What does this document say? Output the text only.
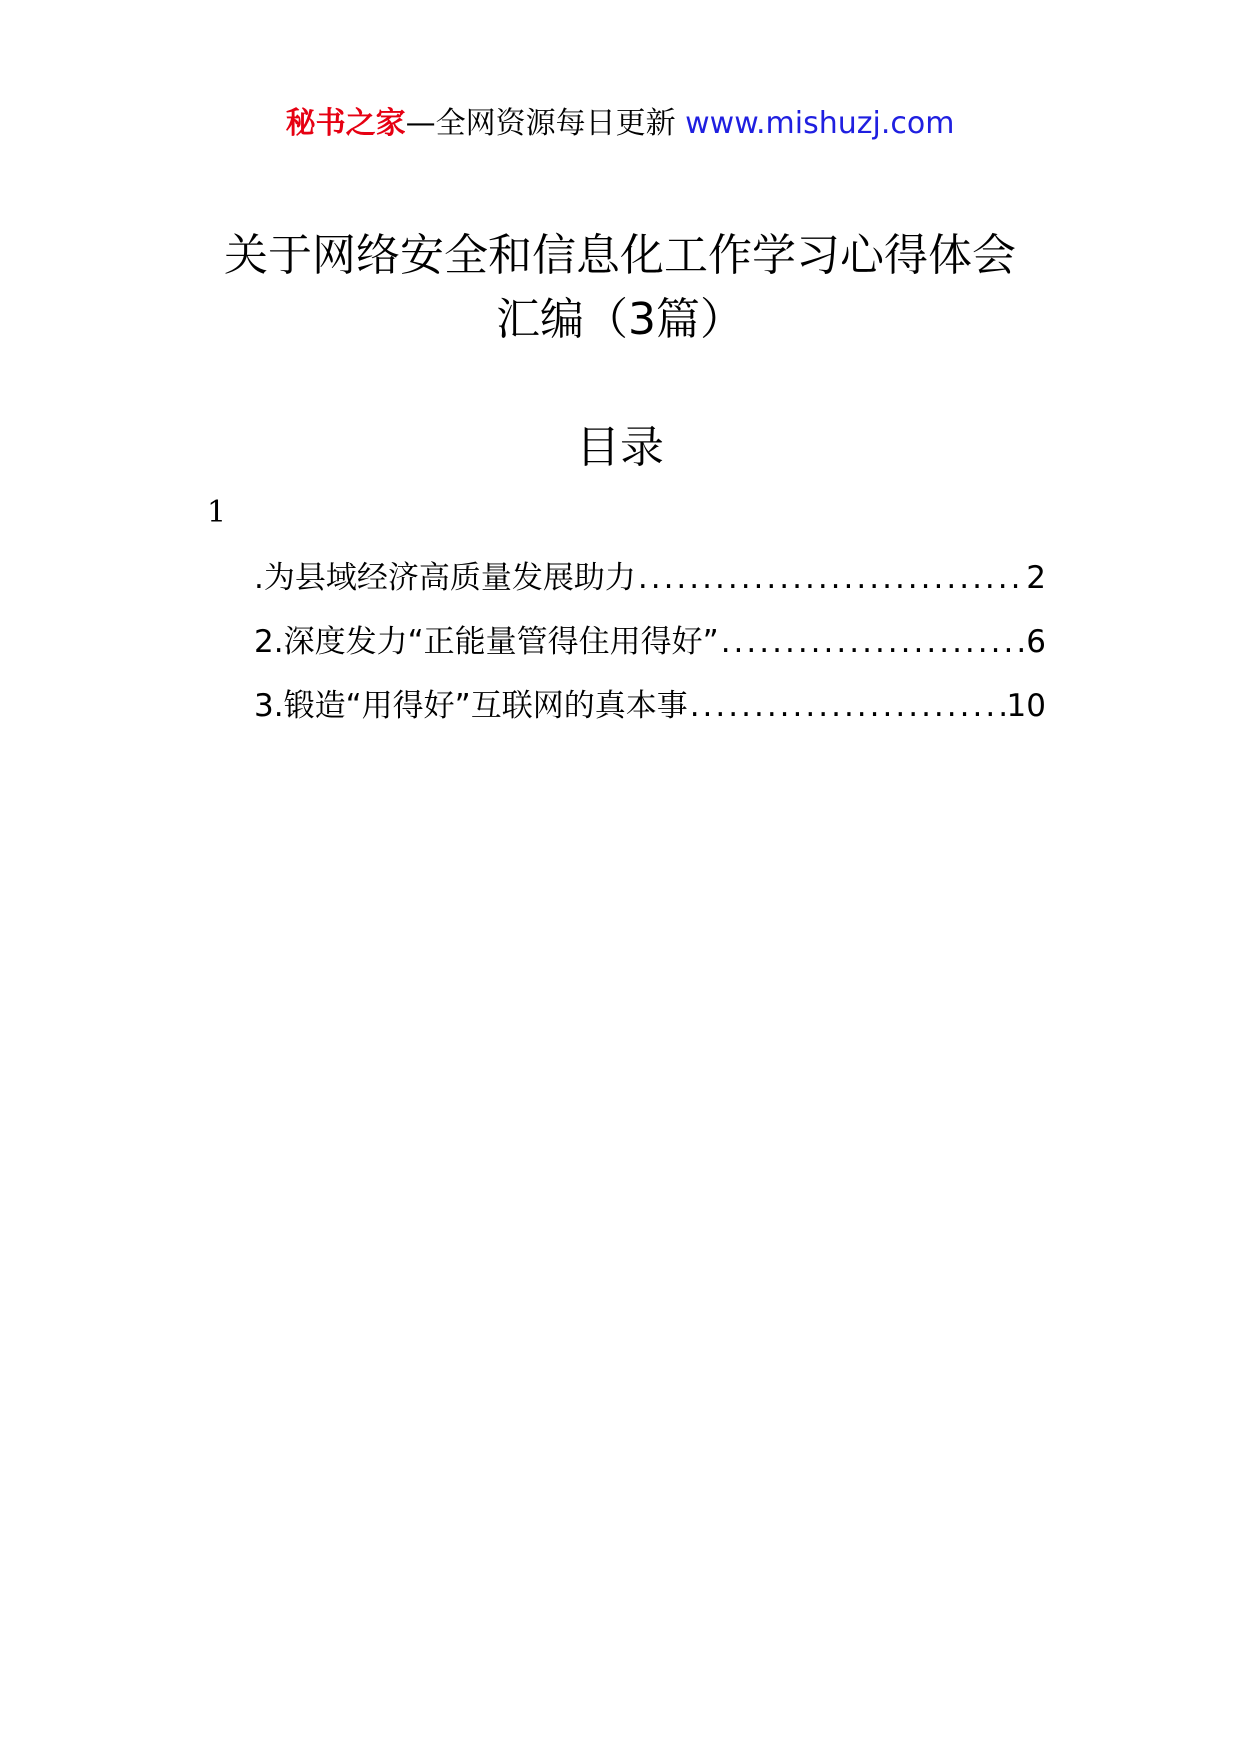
秘书之家—全网资源每日更新 www.mishuzj.com
关于网络安全和信息化工作学习心得体会
汇编（3篇）
目录
1
.为县域经济高质量发展助力 .....	2
2.深度发力“正能量管得住用得好” .....	6
3.锻造“用得好”互联网的真本事 .....	10
